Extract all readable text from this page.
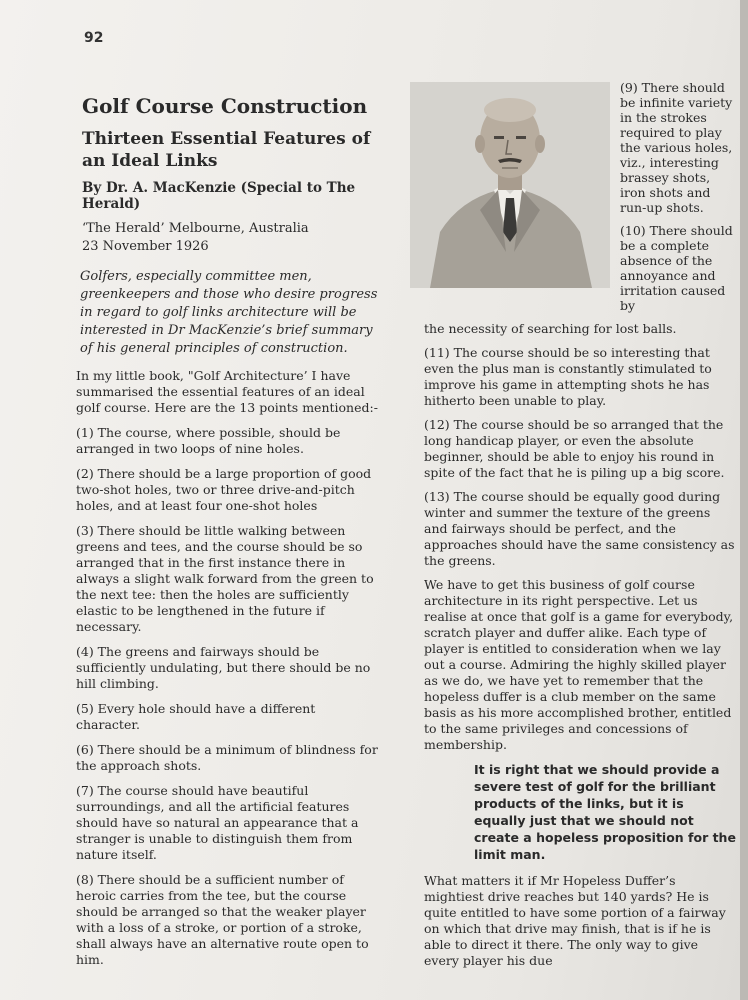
92
Golf Course Construction
Thirteen Essential Features of an Ideal Links
By Dr. A. MacKenzie (Special to The Herald)
‘The Herald’ Melbourne, Australia
23 November 1926
Golfers, especially committee men, greenkeepers and those who desire progress in regard to golf links architecture will be interested in Dr MacKenzie’s brief summary of his general principles of construction.
In my little book, "Golf Architecture’ I have summarised the essential features of an ideal golf course. Here are the 13 points mentioned:-
(1) The course, where possible, should be arranged in two loops of nine holes.
(2) There should be a large proportion of good two-shot holes, two or three drive-and-pitch holes, and at least four one-shot holes
(3) There should be little walking between greens and tees, and the course should be so arranged that in the first instance there in always a slight walk forward from the green to the next tee: then the holes are sufficiently elastic to be lengthened in the future if necessary.
(4) The greens and fairways should be sufficiently undulating, but there should be no hill climbing.
(5) Every hole should have a different character.
(6) There should be a minimum of blindness for the approach shots.
(7) The course should have beautiful surroundings, and all the artificial features should have so natural an appearance that a stranger is unable to distinguish them from nature itself.
(8) There should be a sufficient number of heroic carries from the tee, but the course should be arranged so that the weaker player with a loss of a stroke, or portion of a stroke, shall always have an alternative route open to him.
(9) There should be infinite variety in the strokes required to play the various holes, viz., interesting brassey shots, iron shots and run-up shots.
(10) There should be a complete absence of the annoyance and irritation caused by
the necessity of searching for lost balls.
(11) The course should be so interesting that even the plus man is constantly stimulated to improve his game in attempting shots he has hitherto been unable to play.
(12) The course should be so arranged that the long handicap player, or even the absolute beginner, should be able to enjoy his round in spite of the fact that he is piling up a big score.
(13) The course should be equally good during winter and summer the texture of the greens and fairways should be perfect, and the approaches should have the same consistency as the greens.
We have to get this business of golf course architecture in its right perspective. Let us realise at once that golf is a game for everybody, scratch player and duffer alike. Each type of player is entitled to consideration when we lay out a course. Admiring the highly skilled player as we do, we have yet to remember that the hopeless duffer is a club member on the same basis as his more accomplished brother, entitled to the same privileges and concessions of membership.
It is right that we should provide a severe test of golf for the brilliant products of the links, but it is equally just that we should not create a hopeless proposition for the limit man.
What matters it if Mr Hopeless Duffer’s mightiest drive reaches but 140 yards? He is quite entitled to have some portion of a fairway on which that drive may finish, that is if he is able to direct it there. The only way to give every player his due
